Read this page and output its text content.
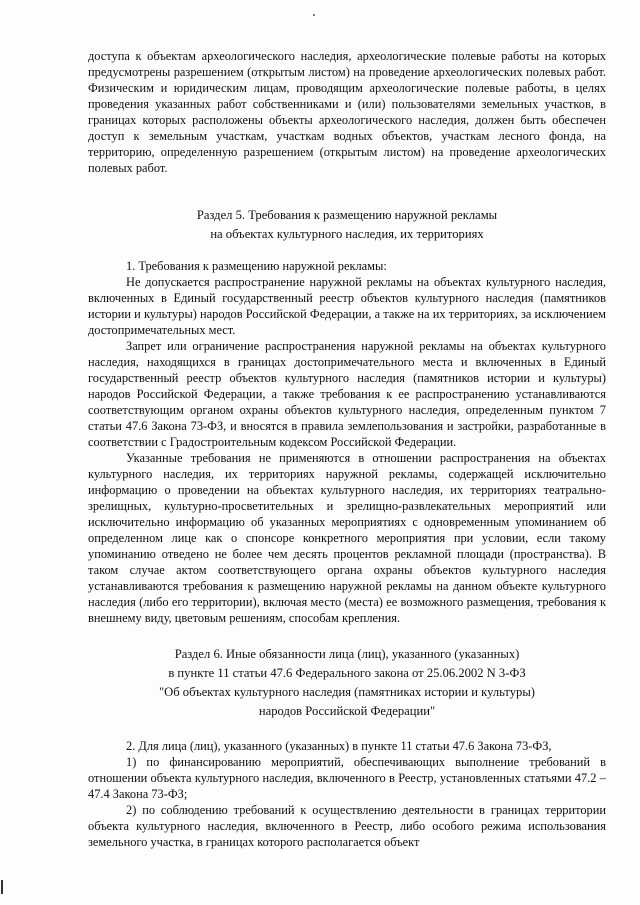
доступа к объектам археологического наследия, археологические полевые работы на которых предусмотрены разрешением (открытым листом) на проведение археологических полевых работ. Физическим и юридическим лицам, проводящим археологические полевые работы, в целях проведения указанных работ собственниками и (или) пользователями земельных участков, в границах которых расположены объекты археологического наследия, должен быть обеспечен доступ к земельным участкам, участкам водных объектов, участкам лесного фонда, на территорию, определенную разрешением (открытым листом) на проведение археологических полевых работ.

Раздел 5. Требования к размещению наружной рекламы
на объектах культурного наследия, их территориях

1. Требования к размещению наружной рекламы:

Не допускается распространение наружной рекламы на объектах культурного наследия, включенных в Единый государственный реестр объектов культурного наследия (памятников истории и культуры) народов Российской Федерации, а также на их территориях, за исключением достопримечательных мест.

Запрет или ограничение распространения наружной рекламы на объектах культурного наследия, находящихся в границах достопримечательного места и включенных в Единый государственный реестр объектов культурного наследия (памятников истории и культуры) народов Российской Федерации, а также требования к ее распространению устанавливаются соответствующим органом охраны объектов культурного наследия, определенным пунктом 7 статьи 47.6 Закона 73-ФЗ, и вносятся в правила землепользования и застройки, разработанные в соответствии с Градостроительным кодексом Российской Федерации.

Указанные требования не применяются в отношении распространения на объектах культурного наследия, их территориях наружной рекламы, содержащей исключительно информацию о проведении на объектах культурного наследия, их территориях театрально-зрелищных, культурно-просветительных и зрелищно-развлекательных мероприятий или исключительно информацию об указанных мероприятиях с одновременным упоминанием об определенном лице как о спонсоре конкретного мероприятия при условии, если такому упоминанию отведено не более чем десять процентов рекламной площади (пространства). В таком случае актом соответствующего органа охраны объектов культурного наследия устанавливаются требования к размещению наружной рекламы на данном объекте культурного наследия (либо его территории), включая место (места) ее возможного размещения, требования к внешнему виду, цветовым решениям, способам крепления.

Раздел 6. Иные обязанности лица (лиц), указанного (указанных)
в пункте 11 статьи 47.6 Федерального закона от 25.06.2002 N 3-ФЗ
"Об объектах культурного наследия (памятниках истории и культуры)
народов Российской Федерации"

2. Для лица (лиц), указанного (указанных) в пункте 11 статьи 47.6 Закона 73-ФЗ,

1) по финансированию мероприятий, обеспечивающих выполнение требований в отношении объекта культурного наследия, включенного в Реестр, установленных статьями 47.2 – 47.4 Закона 73-ФЗ;

2) по соблюдению требований к осуществлению деятельности в границах территории объекта культурного наследия, включенного в Реестр, либо особого режима использования земельного участка, в границах которого располагается объект
